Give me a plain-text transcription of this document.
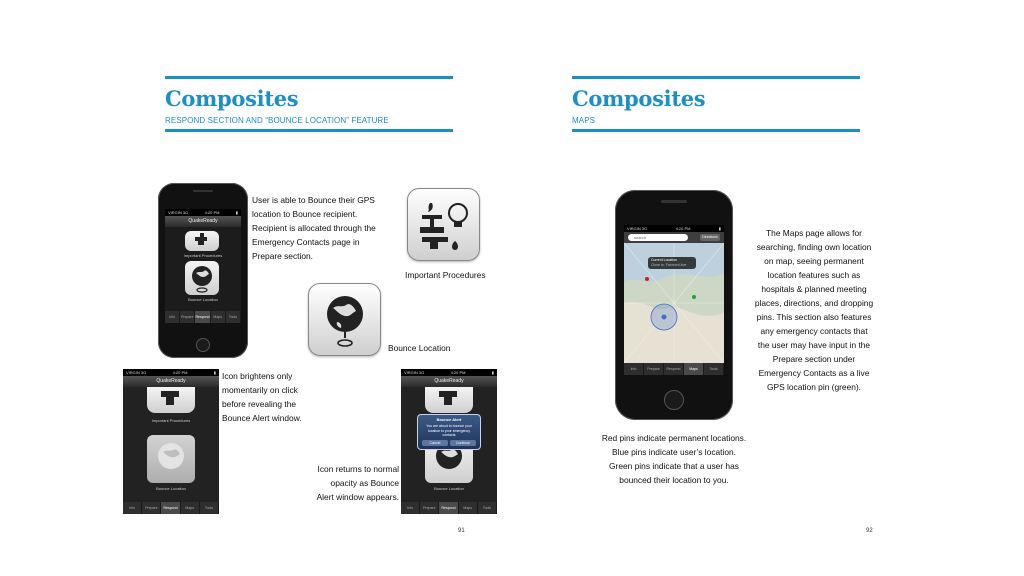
Composites
RESPOND SECTION AND “BOUNCE LOCATION” FEATURE
VIRGIN 3G	4:20 PM	▮
QuakeReady
Important Procedures
Bounce Location
Info	Prepare Respond	Maps	Tools
User is able to Bounce their GPS location to Bounce recipient. Recipient is allocated through the Emergency Contacts page in Prepare section.
Important Procedures
Bounce Location
VIRGIN 3G	4:20 PM	▮
QuakeReady
Important Procedures
Bounce Location
Info	Prepare	Respond	Maps	Tools
Icon brightens only momentarily on click before revealing the Bounce Alert window.
VIRGIN 3G	4:20 PM	▮
QuakeReady
Bounce Location
Bounce Alert
You are about to bounce your location to your emergency contacts
Cancel	Continue
Info	Prepare	Respond	Maps	Tools
Icon returns to normal opacity as Bounce Alert window appears.
91
Composites
MAPS
VIRGIN 3G	4:20 PM	▮
search	Directions
Current Location
Close to: Fairmont Ave
Info	Prepare	Respond	Maps	Tools
The Maps page allows for searching, finding own location on map, seeing permanent location features such as hospitals & planned meeting places, directions, and dropping pins. This section also features any emergency contacts that the user may have input in the Prepare section under Emergency Contacts as a live GPS location pin (green).
Red pins indicate permanent locations. Blue pins indicate user’s location. Green pins indicate that a user has bounced their location to you.
92
